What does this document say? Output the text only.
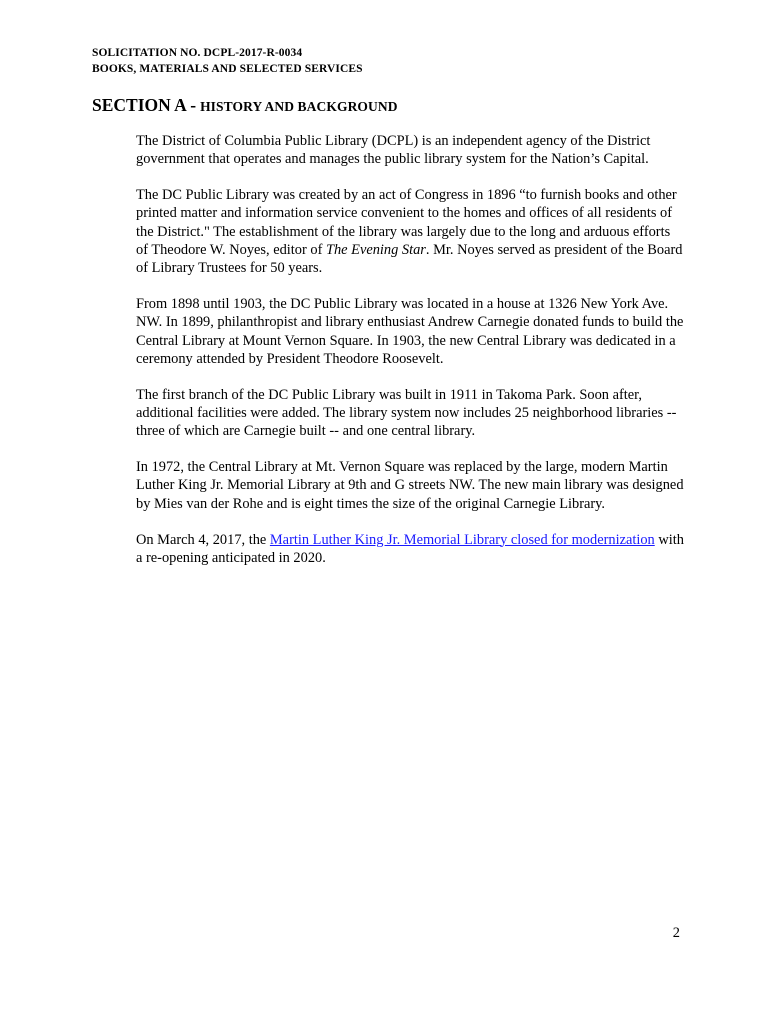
SOLICITATION NO. DCPL-2017-R-0034
BOOKS, MATERIALS AND SELECTED SERVICES
SECTION A - HISTORY AND BACKGROUND

The District of Columbia Public Library (DCPL) is an independent agency of the District government that operates and manages the public library system for the Nation’s Capital.

The DC Public Library was created by an act of Congress in 1896 “to furnish books and other printed matter and information service convenient to the homes and offices of all residents of the District." The establishment of the library was largely due to the long and arduous efforts of Theodore W. Noyes, editor of The Evening Star. Mr. Noyes served as president of the Board of Library Trustees for 50 years.

From 1898 until 1903, the DC Public Library was located in a house at 1326 New York Ave. NW. In 1899, philanthropist and library enthusiast Andrew Carnegie donated funds to build the Central Library at Mount Vernon Square. In 1903, the new Central Library was dedicated in a ceremony attended by President Theodore Roosevelt.

The first branch of the DC Public Library was built in 1911 in Takoma Park. Soon after, additional facilities were added. The library system now includes 25 neighborhood libraries -- three of which are Carnegie built -- and one central library.

In 1972, the Central Library at Mt. Vernon Square was replaced by the large, modern Martin Luther King Jr. Memorial Library at 9th and G streets NW. The new main library was designed by Mies van der Rohe and is eight times the size of the original Carnegie Library.

On March 4, 2017, the Martin Luther King Jr. Memorial Library closed for modernization with a re-opening anticipated in 2020.

2
